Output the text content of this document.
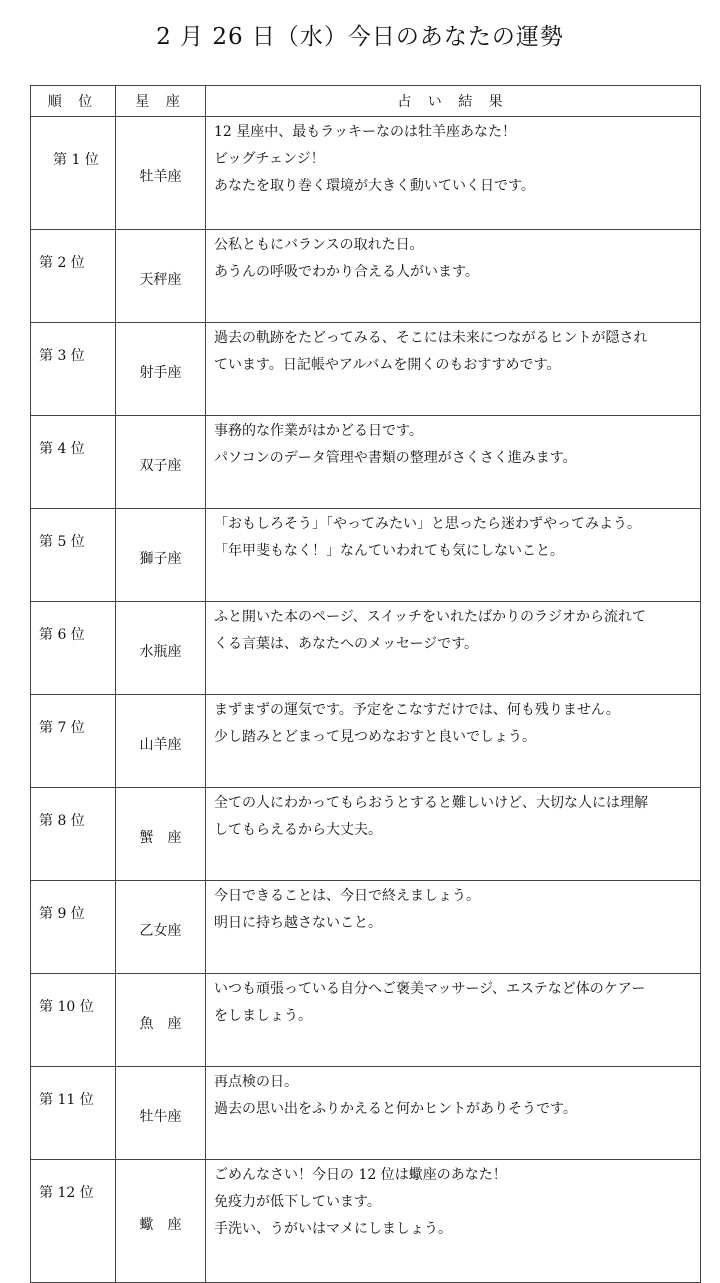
2 月 26 日（水）今日のあなたの運勢
順 位	星 座	占 い 結 果
第 1 位	牡羊座	12 星座中、最もラッキーなのは牡羊座あなた！
ビッグチェンジ！
あなたを取り巻く環境が大きく動いていく日です。

第 2 位	天秤座	公私ともにバランスの取れた日。
あうんの呼吸でわかり合える人がいます。

第 3 位	射手座	過去の軌跡をたどってみる、そこには未来につながるヒントが隠され
ています。日記帳やアルバムを開くのもおすすめです。

第 4 位	双子座	事務的な作業がはかどる日です。
パソコンのデータ管理や書類の整理がさくさく進みます。

第 5 位	獅子座	「おもしろそう」「やってみたい」と思ったら迷わずやってみよう。
「年甲斐もなく！」なんていわれても気にしないこと。

第 6 位	水瓶座	ふと開いた本のページ、スイッチをいれたばかりのラジオから流れて
くる言葉は、あなたへのメッセージです。

第 7 位	山羊座	まずまずの運気です。予定をこなすだけでは、何も残りません。
少し踏みとどまって見つめなおすと良いでしょう。

第 8 位	蟹　座	全ての人にわかってもらおうとすると難しいけど、大切な人には理解
してもらえるから大丈夫。

第 9 位	乙女座	今日できることは、今日で終えましょう。
明日に持ち越さないこと。

第 10 位	魚　座	いつも頑張っている自分へご褒美マッサージ、エステなど体のケアー
をしましょう。

第 11 位	牡牛座	再点検の日。
過去の思い出をふりかえると何かヒントがありそうです。

第 12 位	蠍　座	ごめんなさい！今日の 12 位は蠍座のあなた！
免疫力が低下しています。
手洗い、うがいはマメにしましょう。
